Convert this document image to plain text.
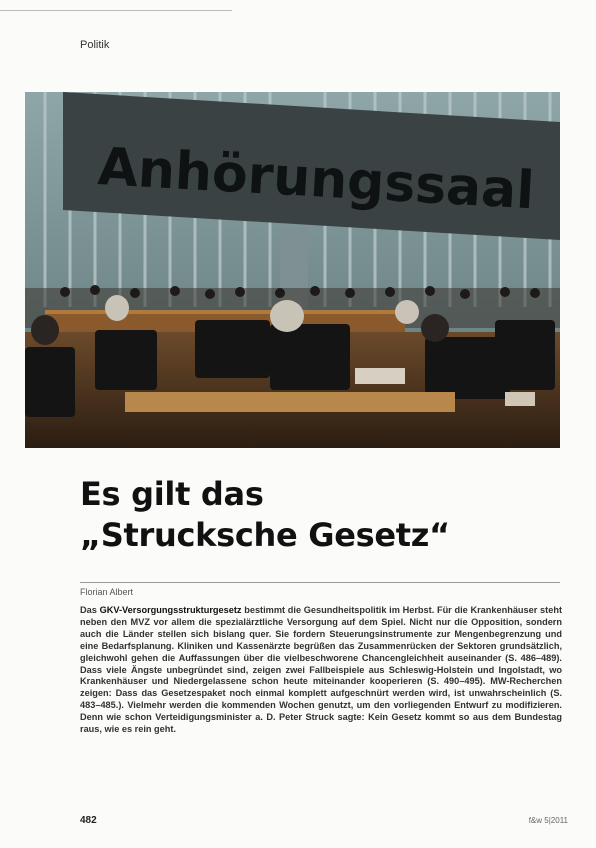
Politik
Anhörungssaal
Es gilt das
„Strucksche Gesetz“
Florian Albert
Das GKV-Versorgungsstrukturgesetz bestimmt die Gesundheitspolitik im Herbst. Für die Krankenhäuser steht neben den MVZ vor allem die spezialärztliche Versorgung auf dem Spiel. Nicht nur die Opposition, sondern auch die Länder stellen sich bislang quer. Sie fordern Steuerungsinstrumente zur Mengenbegrenzung und eine Bedarfsplanung. Kliniken und Kassenärzte begrüßen das Zusammenrücken der Sektoren grundsätzlich, gleichwohl gehen die Auffassungen über die vielbeschworene Chancengleichheit auseinander (S. 486–489). Dass viele Ängste unbegründet sind, zeigen zwei Fallbeispiele aus Schleswig-Holstein und Ingolstadt, wo Krankenhäuser und Niedergelassene schon heute miteinander kooperieren (S. 490–495). MW-Recherchen zeigen: Dass das Gesetzespaket noch einmal komplett aufgeschnürt werden wird, ist unwahrscheinlich (S. 483–485.). Vielmehr werden die kommenden Wochen genutzt, um den vorliegenden Entwurf zu modifizieren. Denn wie schon Verteidigungsminister a. D. Peter Struck sagte: Kein Gesetz kommt so aus dem Bundestag raus, wie es rein geht.
482	f&w 5|2011
